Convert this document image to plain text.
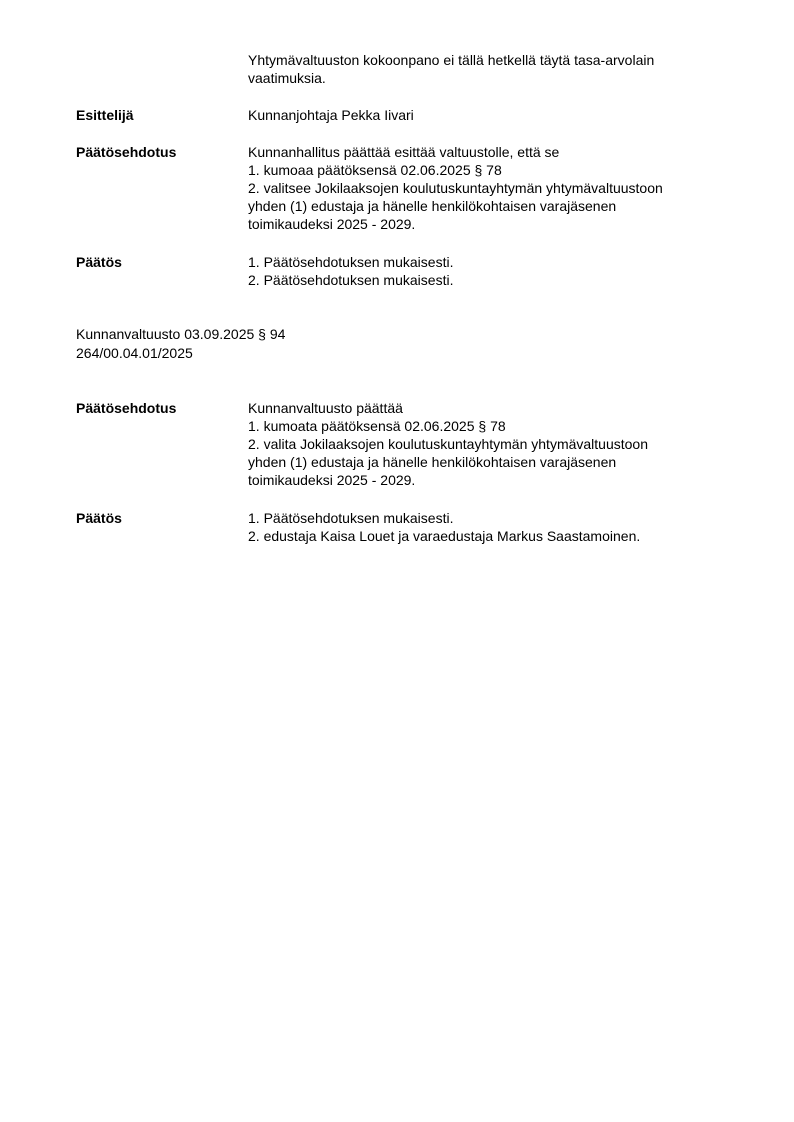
Yhtymävaltuuston kokoonpano ei tällä hetkellä täytä tasa-arvolain
vaatimuksia.
Esittelijä	Kunnanjohtaja Pekka Iivari
Päätösehdotus	Kunnanhallitus päättää esittää valtuustolle, että se
1. kumoaa päätöksensä 02.06.2025 § 78
2. valitsee Jokilaaksojen koulutuskuntayhtymän yhtymävaltuustoon
yhden (1) edustaja ja hänelle henkilökohtaisen varajäsenen
toimikaudeksi 2025 - 2029.
Päätös	1. Päätösehdotuksen mukaisesti.
2. Päätösehdotuksen mukaisesti.
Kunnanvaltuusto 03.09.2025 § 94
264/00.04.01/2025
Päätösehdotus	Kunnanvaltuusto päättää
1. kumoata päätöksensä 02.06.2025 § 78
2. valita Jokilaaksojen koulutuskuntayhtymän yhtymävaltuustoon
yhden (1) edustaja ja hänelle henkilökohtaisen varajäsenen
toimikaudeksi 2025 - 2029.
Päätös	1. Päätösehdotuksen mukaisesti.
2. edustaja Kaisa Louet ja varaedustaja Markus Saastamoinen.
